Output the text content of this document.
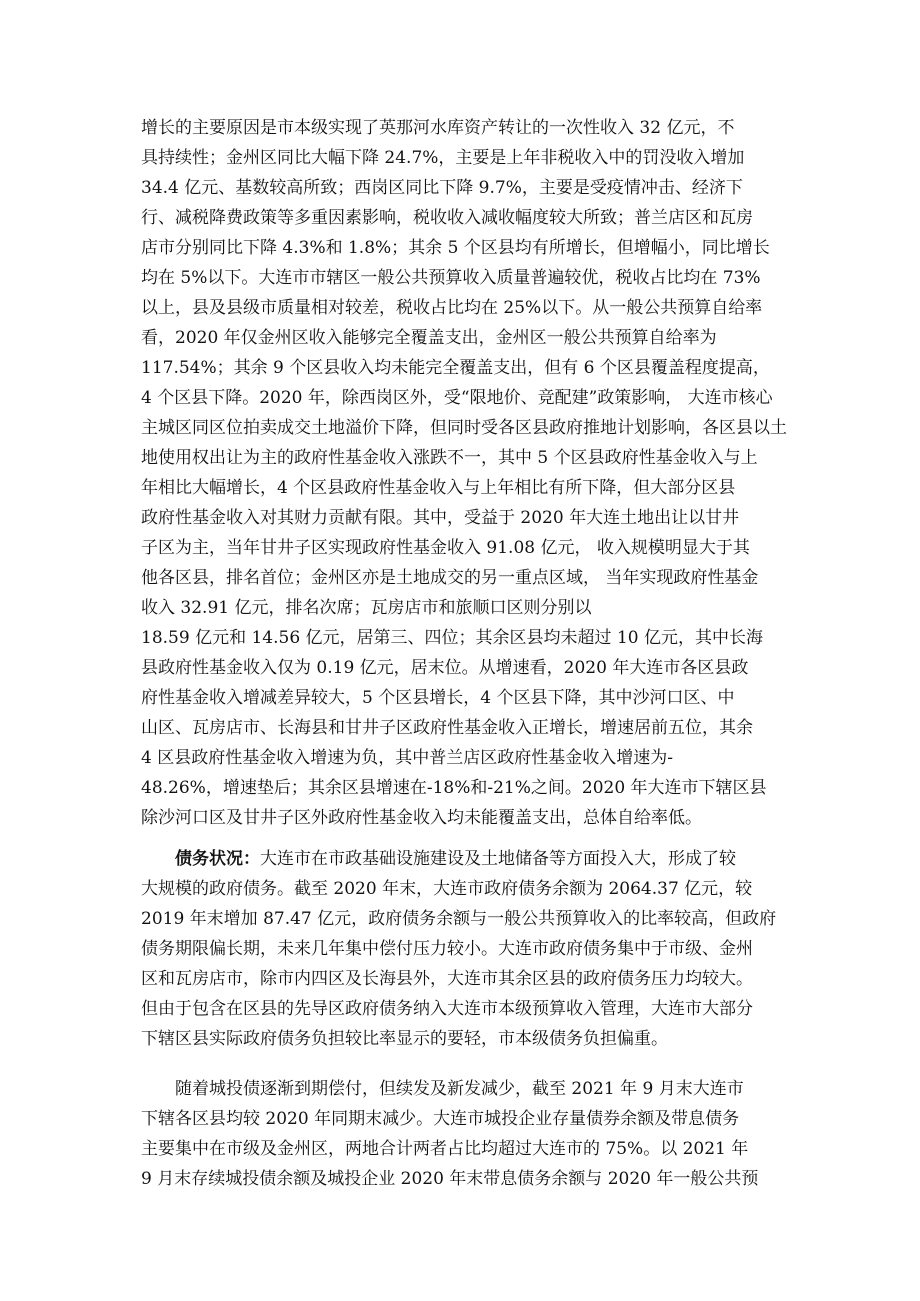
增长的主要原因是市本级实现了英那河水库资产转让的一次性收入 32 亿元，不
具持续性；金州区同比大幅下降 24.7%，主要是上年非税收入中的罚没收入增加
34.4 亿元、基数较高所致；西岗区同比下降 9.7%，主要是受疫情冲击、经济下
行、减税降费政策等多重因素影响，税收收入减收幅度较大所致；普兰店区和瓦房
店市分别同比下降 4.3%和 1.8%；其余 5 个区县均有所增长，但增幅小，同比增长
均在 5%以下。大连市市辖区一般公共预算收入质量普遍较优，税收占比均在 73%
以上，县及县级市质量相对较差，税收占比均在 25%以下。从一般公共预算自给率
看，2020 年仅金州区收入能够完全覆盖支出，金州区一般公共预算自给率为
117.54%；其余 9 个区县收入均未能完全覆盖支出，但有 6 个区县覆盖程度提高，
4 个区县下降。2020 年，除西岗区外，受“限地价、竞配建”政策影响， 大连市核心
主城区同区位拍卖成交土地溢价下降，但同时受各区县政府推地计划影响，各区县以土
地使用权出让为主的政府性基金收入涨跌不一，其中 5 个区县政府性基金收入与上
年相比大幅增长，4 个区县政府性基金收入与上年相比有所下降，但大部分区县
政府性基金收入对其财力贡献有限。其中，受益于 2020 年大连土地出让以甘井
子区为主，当年甘井子区实现政府性基金收入 91.08 亿元， 收入规模明显大于其
他各区县，排名首位；金州区亦是土地成交的另一重点区域， 当年实现政府性基金
收入 32.91 亿元，排名次席；瓦房店市和旅顺口区则分别以
18.59 亿元和 14.56 亿元，居第三、四位；其余区县均未超过 10 亿元，其中长海
县政府性基金收入仅为 0.19 亿元，居末位。从增速看，2020 年大连市各区县政
府性基金收入增减差异较大，5 个区县增长，4 个区县下降，其中沙河口区、中
山区、瓦房店市、长海县和甘井子区政府性基金收入正增长，增速居前五位，其余
4 区县政府性基金收入增速为负，其中普兰店区政府性基金收入增速为-
48.26%，增速垫后；其余区县增速在-18%和-21%之间。2020 年大连市下辖区县
除沙河口区及甘井子区外政府性基金收入均未能覆盖支出，总体自给率低。
债务状况：大连市在市政基础设施建设及土地储备等方面投入大，形成了较
大规模的政府债务。截至 2020 年末，大连市政府债务余额为 2064.37 亿元，较
2019 年末增加 87.47 亿元，政府债务余额与一般公共预算收入的比率较高，但政府
债务期限偏长期，未来几年集中偿付压力较小。大连市政府债务集中于市级、金州
区和瓦房店市，除市内四区及长海县外，大连市其余区县的政府债务压力均较大。
但由于包含在区县的先导区政府债务纳入大连市本级预算收入管理，大连市大部分
下辖区县实际政府债务负担较比率显示的要轻，市本级债务负担偏重。
随着城投债逐渐到期偿付，但续发及新发减少，截至 2021 年 9 月末大连市
下辖各区县均较 2020 年同期末减少。大连市城投企业存量债券余额及带息债务
主要集中在市级及金州区，两地合计两者占比均超过大连市的 75%。以 2021 年
9 月末存续城投债余额及城投企业 2020 年末带息债务余额与 2020 年一般公共预
